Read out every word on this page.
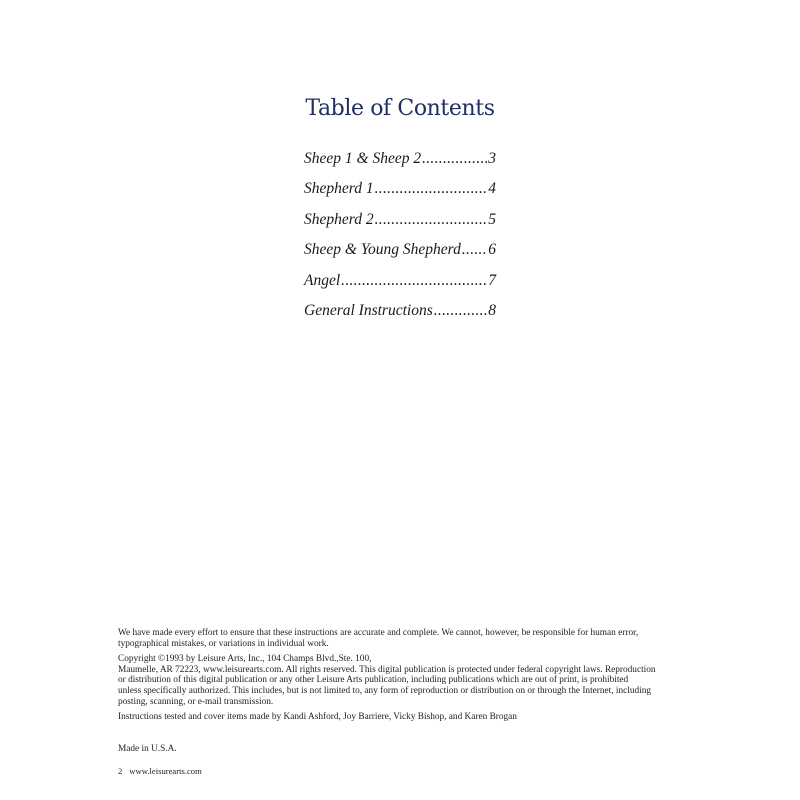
Table of Contents
Sheep 1 & Sheep 2 .....	3
Shepherd 1 .....	4
Shepherd 2 .....	5
Sheep & Young Shepherd ..... 6
Angel .....	7
General Instructions .....	8

We have made every effort to ensure that these instructions are accurate and complete. We cannot, however, be responsible for human error,
typographical mistakes, or variations in individual work.

Copyright ©1993 by Leisure Arts, Inc., 104 Champs Blvd.,Ste. 100,
Maumelle, AR 72223, www.leisurearts.com. All rights reserved. This digital publication is protected under federal copyright laws. Reproduction
or distribution of this digital publication or any other Leisure Arts publication, including publications which are out of print, is prohibited
unless specifically authorized. This includes, but is not limited to, any form of reproduction or distribution on or through the Internet, including
posting, scanning, or e-mail transmission.

Instructions tested and cover items made by Kandi Ashford, Joy Barriere, Vicky Bishop, and Karen Brogan

Made in U.S.A.
2 www.leisurearts.com
